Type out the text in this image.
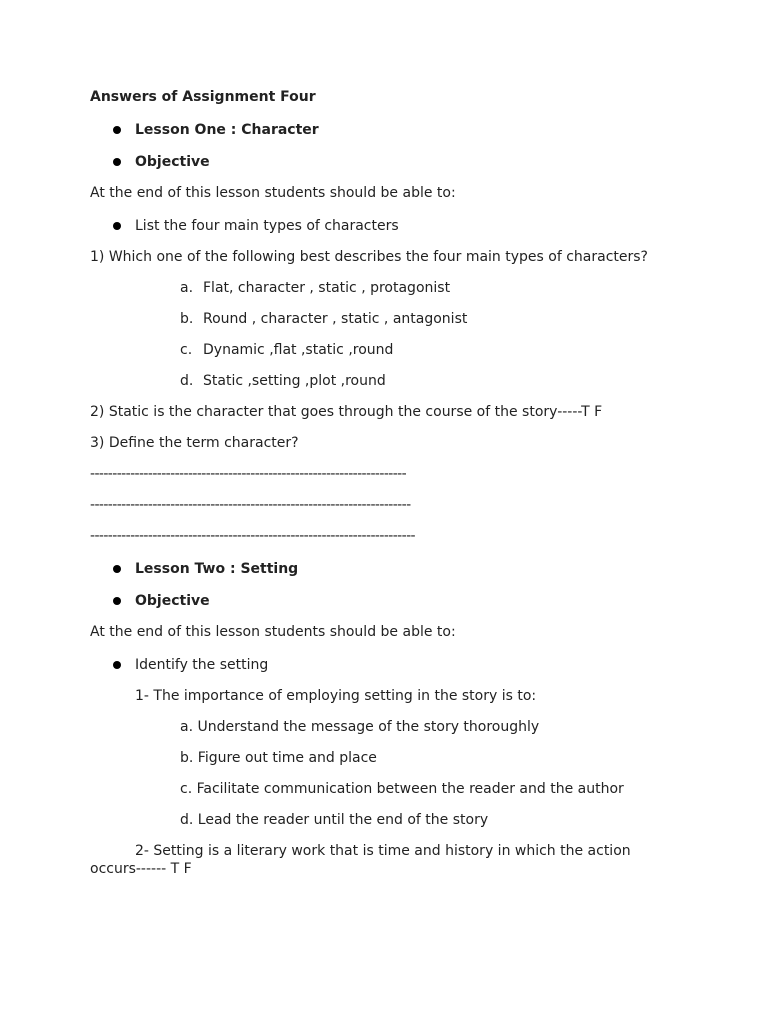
Answers of Assignment Four
Lesson One : Character
Objective
At the end of this lesson students should be able to:
List the four main types of characters
1) Which one of the following best describes the four main types of characters?
a. Flat, character , static , protagonist
b. Round , character , static , antagonist
c. Dynamic ,flat ,static ,round
d. Static ,setting ,plot ,round
2) Static is the character that goes through the course of the story-----T F
3) Define the term character?
-----------------------------------------------------------------------
------------------------------------------------------------------------
-------------------------------------------------------------------------
Lesson Two : Setting
Objective
At the end of this lesson students should be able to:
Identify the setting
1- The importance of employing setting in the story is to:
a. Understand the message of the story thoroughly
b. Figure out time and place
c. Facilitate communication between the reader and the author
d. Lead the reader until the end of the story
2- Setting is a literary work that is time and history in which the action
occurs------ T F
